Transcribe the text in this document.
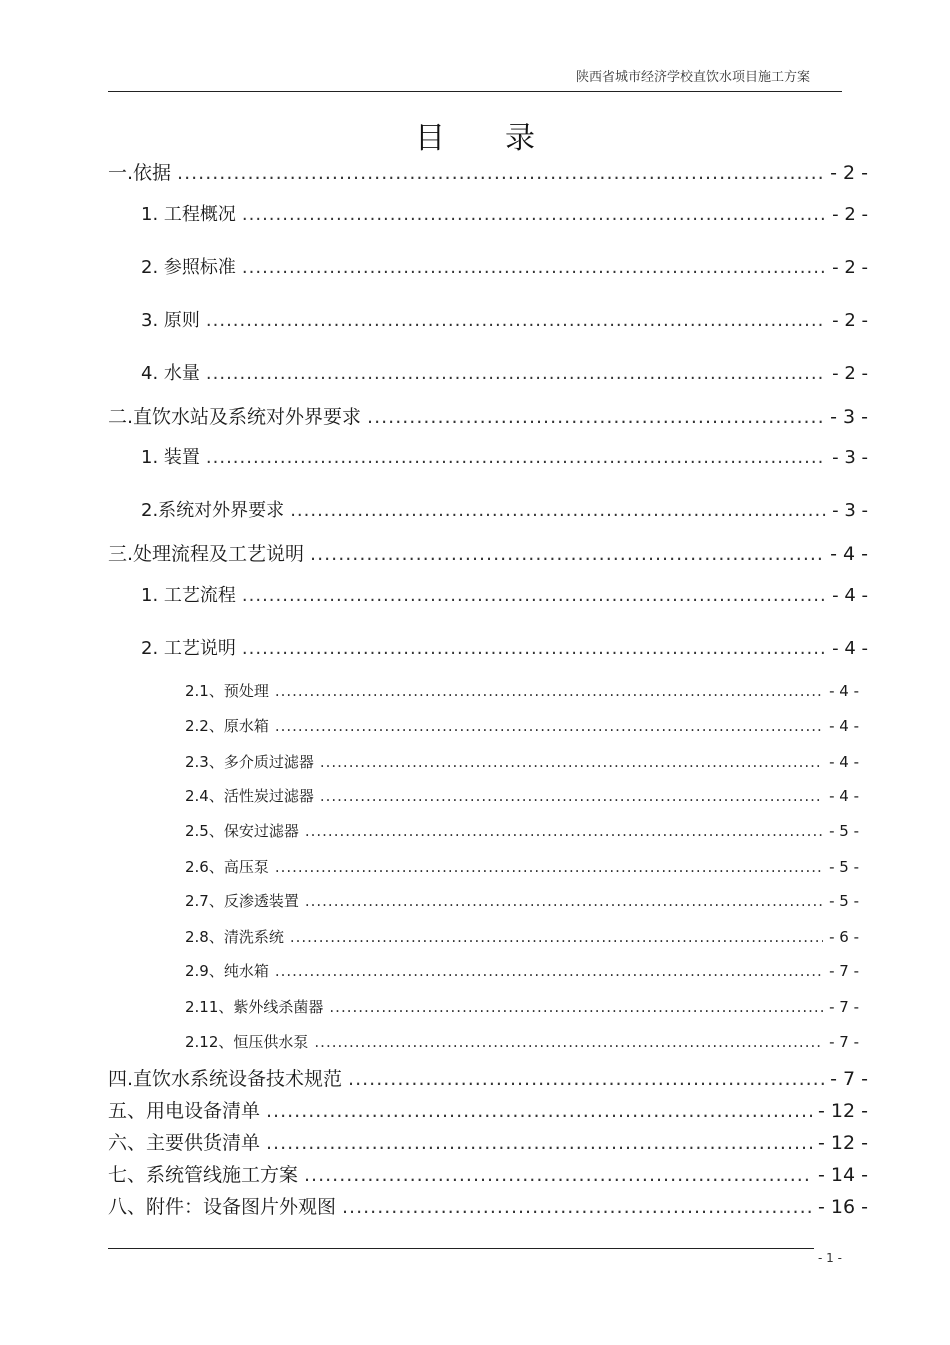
陕西省城市经济学校直饮水项目施工方案
目录
一.依据 .....	- 2 -
1. 工程概况 .....	- 2 -
2. 参照标准 .....	- 2 -
3. 原则 .....	- 2 -
4. 水量 .....	- 2 -
二.直饮水站及系统对外界要求 .....	- 3 -
1. 装置 .....	- 3 -
2.系统对外界要求 .....	- 3 -
三.处理流程及工艺说明 .....	- 4 -
1. 工艺流程 .....	- 4 -
2. 工艺说明 .....	- 4 -
2.1、预处理 .....	- 4 -
2.2、原水箱 .....	- 4 -
2.3、多介质过滤器 .....	- 4 -
2.4、活性炭过滤器 .....	- 4 -
2.5、保安过滤器 .....	- 5 -
2.6、高压泵 .....	- 5 -
2.7、反渗透装置 .....	- 5 -
2.8、清洗系统 .....	- 6 -
2.9、纯水箱 .....	- 7 -
2.11、紫外线杀菌器 .....	- 7 -
2.12、恒压供水泵 .....	- 7 -
四.直饮水系统设备技术规范 .....	- 7 -
五、用电设备清单 .....	- 12 -
六、主要供货清单 .....	- 12 -
七、系统管线施工方案 .....	- 14 -
八、附件：设备图片外观图 .....	- 16 -
- 1 -
